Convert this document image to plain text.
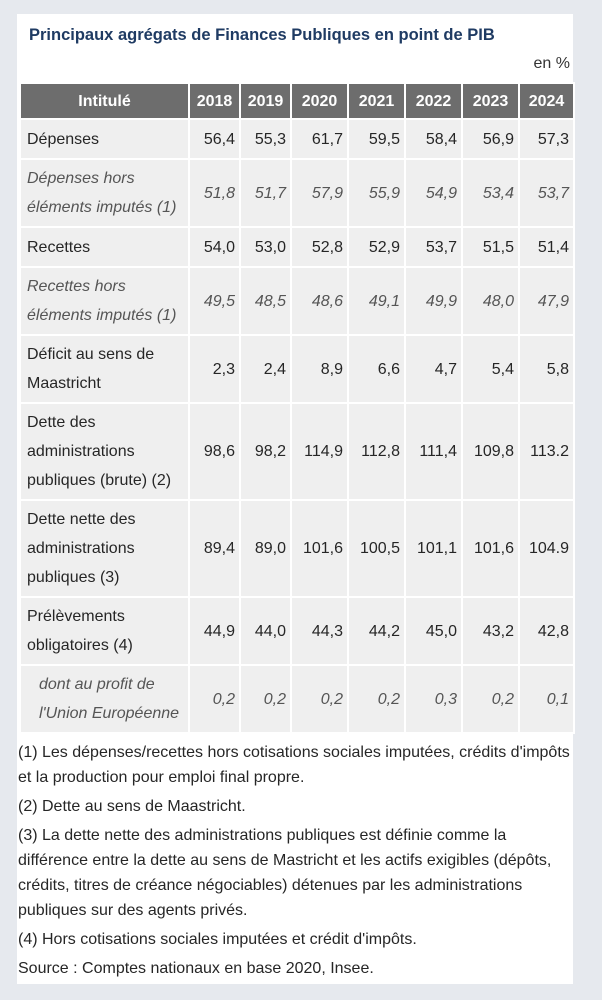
Principaux agrégats de Finances Publiques en point de PIB
en %
Intitulé	2018	2019	2020	2021	2022	2023	2024
Dépenses	56,4	55,3	61,7	59,5	58,4	56,9	57,3
Dépenses hors éléments imputés (1)	51,8	51,7	57,9	55,9	54,9	53,4	53,7
Recettes	54,0	53,0	52,8	52,9	53,7	51,5	51,4
Recettes hors éléments imputés (1)	49,5	48,5	48,6	49,1	49,9	48,0	47,9
Déficit au sens de Maastricht	2,3	2,4	8,9	6,6	4,7	5,4	5,8
Dette des administrations publiques (brute) (2)	98,6	98,2	114,9	112,8	111,4	109,8	113.2
Dette nette des administrations publiques (3)	89,4	89,0	101,6	100,5	101,1	101,6	104.9
Prélèvements obligatoires (4)	44,9	44,0	44,3	44,2	45,0	43,2	42,8
dont au profit de l'Union Européenne	0,2	0,2	0,2	0,2	0,3	0,2	0,1

(1) Les dépenses/recettes hors cotisations sociales imputées, crédits d'impôts et la production pour emploi final propre.

(2) Dette au sens de Maastricht.

(3) La dette nette des administrations publiques est définie comme la différence entre la dette au sens de Mastricht et les actifs exigibles (dépôts, crédits, titres de créance négociables) détenues par les administrations publiques sur des agents privés.

(4) Hors cotisations sociales imputées et crédit d'impôts.

Source : Comptes nationaux en base 2020, Insee.
